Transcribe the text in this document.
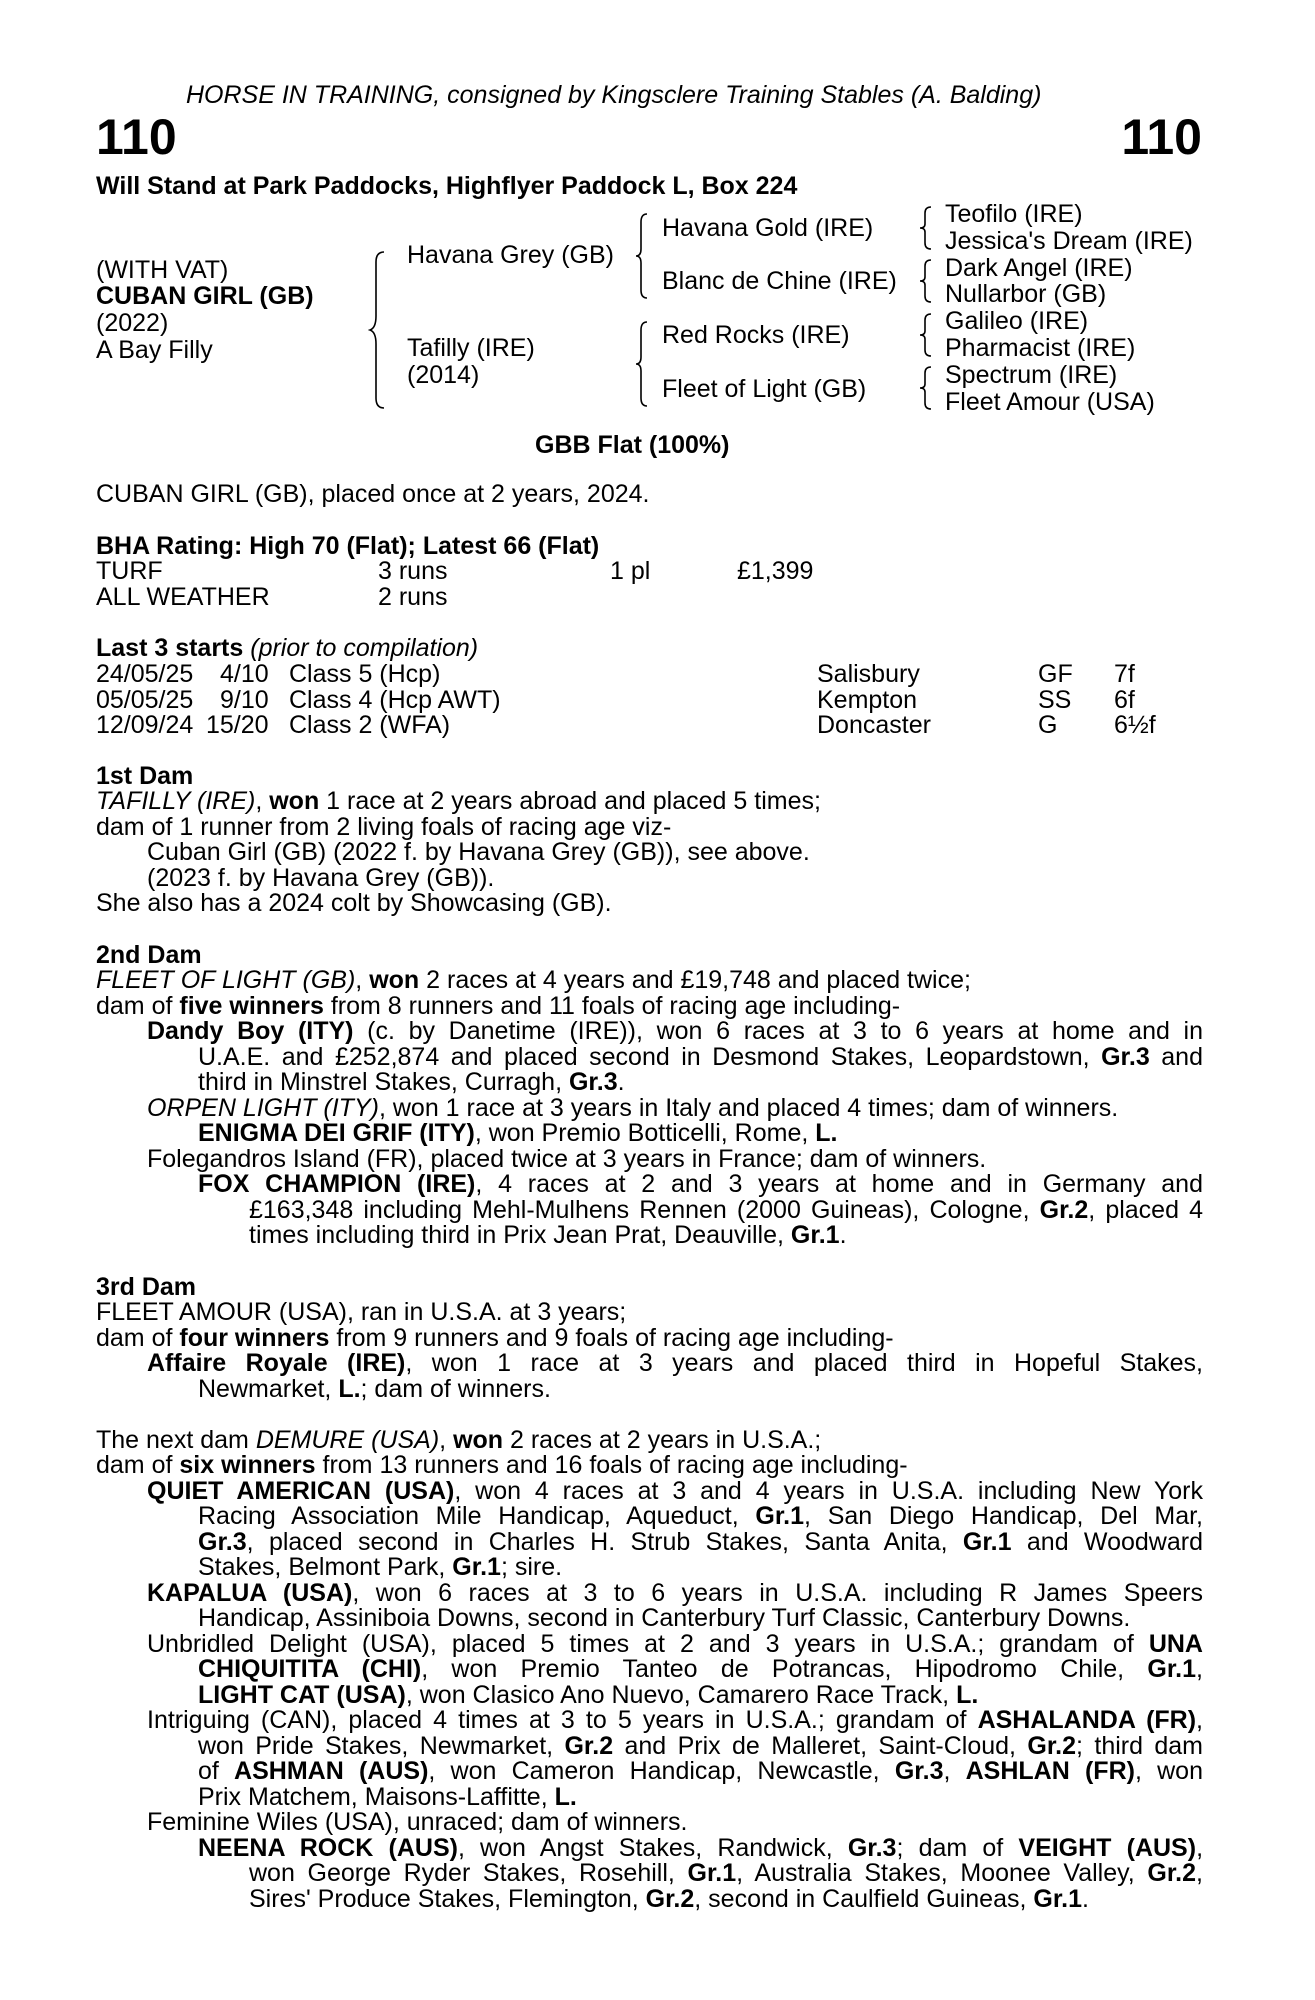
HORSE IN TRAINING, consigned by Kingsclere Training Stables (A. Balding)
110	110
Will Stand at Park Paddocks, Highflyer Paddock L, Box 224
(WITH VAT)
CUBAN GIRL (GB)
(2022)
A Bay Filly
Havana Grey (GB)
Tafilly (IRE)
(2014)
Havana Gold (IRE)
Blanc de Chine (IRE)
Red Rocks (IRE)
Fleet of Light (GB)
Teofilo (IRE)
Jessica's Dream (IRE)
Dark Angel (IRE)
Nullarbor (GB)
Galileo (IRE)
Pharmacist (IRE)
Spectrum (IRE)
Fleet Amour (USA)
GBB Flat (100%)
CUBAN GIRL (GB), placed once at 2 years, 2024.
BHA Rating: High 70 (Flat); Latest 66 (Flat)
TURF	3 runs	1 pl	£1,399
ALL WEATHER	2 runs
Last 3 starts (prior to compilation)
24/05/25 4/10 Class 5 (Hcp)	Salisbury	GF 7f
05/05/25 9/10 Class 4 (Hcp AWT)	Kempton	SS 6f
12/09/24 15/20 Class 2 (WFA)	Doncaster	G 6½f
1st Dam
TAFILLY (IRE), won 1 race at 2 years abroad and placed 5 times;
dam of 1 runner from 2 living foals of racing age viz-
Cuban Girl (GB) (2022 f. by Havana Grey (GB)), see above.
(2023 f. by Havana Grey (GB)).
She also has a 2024 colt by Showcasing (GB).
2nd Dam
FLEET OF LIGHT (GB), won 2 races at 4 years and £19,748 and placed twice;
dam of five winners from 8 runners and 11 foals of racing age including-
Dandy Boy (ITY) (c. by Danetime (IRE)), won 6 races at 3 to 6 years at home and in
U.A.E. and £252,874 and placed second in Desmond Stakes, Leopardstown, Gr.3 and
third in Minstrel Stakes, Curragh, Gr.3.
ORPEN LIGHT (ITY), won 1 race at 3 years in Italy and placed 4 times; dam of winners.
ENIGMA DEI GRIF (ITY), won Premio Botticelli, Rome, L.
Folegandros Island (FR), placed twice at 3 years in France; dam of winners.
FOX CHAMPION (IRE), 4 races at 2 and 3 years at home and in Germany and
£163,348 including Mehl-Mulhens Rennen (2000 Guineas), Cologne, Gr.2, placed 4
times including third in Prix Jean Prat, Deauville, Gr.1.
3rd Dam
FLEET AMOUR (USA), ran in U.S.A. at 3 years;
dam of four winners from 9 runners and 9 foals of racing age including-
Affaire Royale (IRE), won 1 race at 3 years and placed third in Hopeful Stakes,
Newmarket, L.; dam of winners.
The next dam DEMURE (USA), won 2 races at 2 years in U.S.A.;
dam of six winners from 13 runners and 16 foals of racing age including-
QUIET AMERICAN (USA), won 4 races at 3 and 4 years in U.S.A. including New York
Racing Association Mile Handicap, Aqueduct, Gr.1, San Diego Handicap, Del Mar,
Gr.3, placed second in Charles H. Strub Stakes, Santa Anita, Gr.1 and Woodward
Stakes, Belmont Park, Gr.1; sire.
KAPALUA (USA), won 6 races at 3 to 6 years in U.S.A. including R James Speers
Handicap, Assiniboia Downs, second in Canterbury Turf Classic, Canterbury Downs.
Unbridled Delight (USA), placed 5 times at 2 and 3 years in U.S.A.; grandam of UNA
CHIQUITITA (CHI), won Premio Tanteo de Potrancas, Hipodromo Chile, Gr.1,
LIGHT CAT (USA), won Clasico Ano Nuevo, Camarero Race Track, L.
Intriguing (CAN), placed 4 times at 3 to 5 years in U.S.A.; grandam of ASHALANDA (FR),
won Pride Stakes, Newmarket, Gr.2 and Prix de Malleret, Saint-Cloud, Gr.2; third dam
of ASHMAN (AUS), won Cameron Handicap, Newcastle, Gr.3, ASHLAN (FR), won
Prix Matchem, Maisons-Laffitte, L.
Feminine Wiles (USA), unraced; dam of winners.
NEENA ROCK (AUS), won Angst Stakes, Randwick, Gr.3; dam of VEIGHT (AUS),
won George Ryder Stakes, Rosehill, Gr.1, Australia Stakes, Moonee Valley, Gr.2,
Sires' Produce Stakes, Flemington, Gr.2, second in Caulfield Guineas, Gr.1.
